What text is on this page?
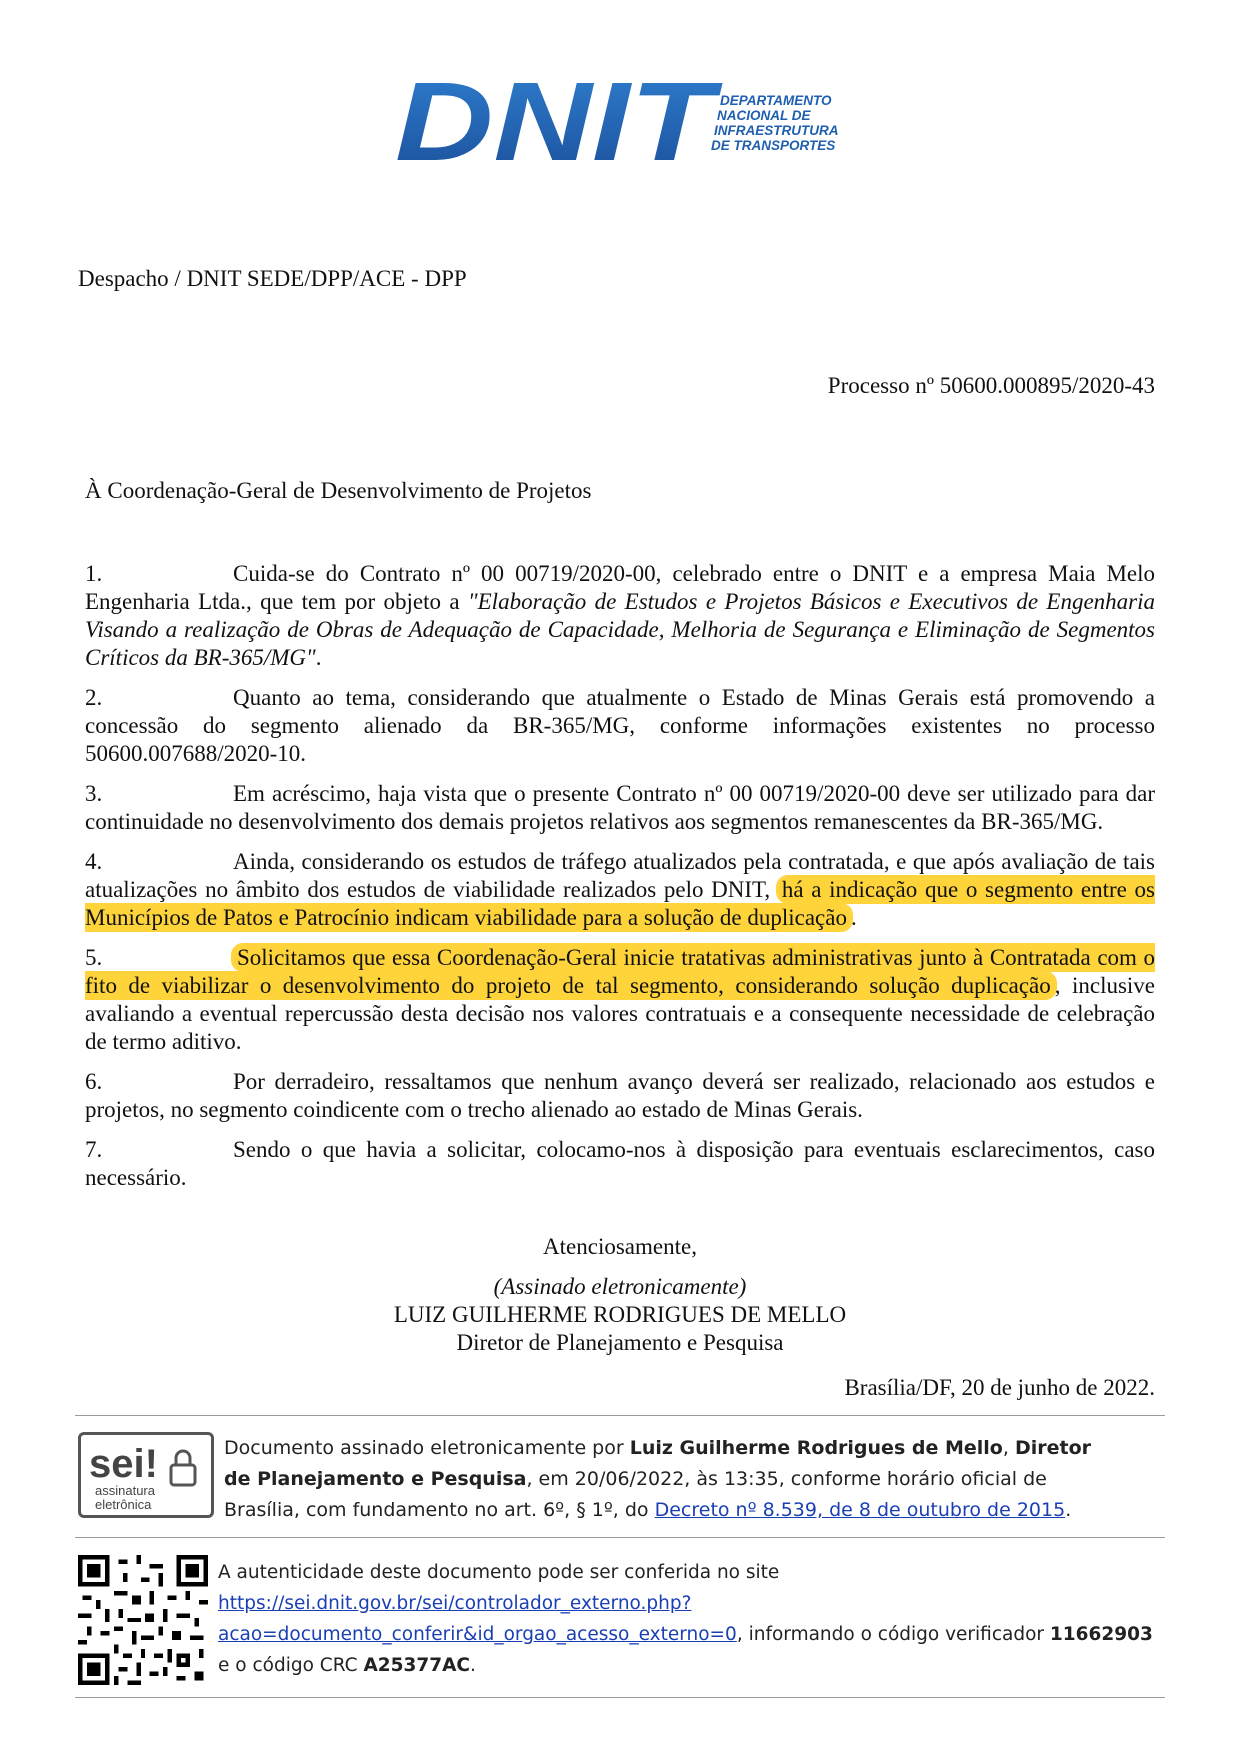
DNIT
DEPARTAMENTO
NACIONAL DE
INFRAESTRUTURA
DE TRANSPORTES
Despacho / DNIT SEDE/DPP/ACE - DPP
Processo nº 50600.000895/2020-43
À Coordenação-Geral de Desenvolvimento de Projetos

1.	Cuida-se do Contrato nº 00 00719/2020-00, celebrado entre o DNIT e a empresa Maia Melo Engenharia Ltda., que tem por objeto a "Elaboração de Estudos e Projetos Básicos e Executivos de Engenharia Visando a realização de Obras de Adequação de Capacidade, Melhoria de Segurança e Eliminação de Segmentos Críticos da BR-365/MG".

2.	Quanto ao tema, considerando que atualmente o Estado de Minas Gerais está promovendo a concessão do segmento alienado da BR-365/MG, conforme informações existentes no processo 50600.007688/2020-10.

3.	Em acréscimo, haja vista que o presente Contrato nº 00 00719/2020-00 deve ser utilizado para dar continuidade no desenvolvimento dos demais projetos relativos aos segmentos remanescentes da BR-365/MG.

4.	Ainda, considerando os estudos de tráfego atualizados pela contratada, e que após avaliação de tais atualizações no âmbito dos estudos de viabilidade realizados pelo DNIT, há a indicação que o segmento entre os Municípios de Patos e Patrocínio indicam viabilidade para a solução de duplicação .

5.	Solicitamos que essa Coordenação-Geral inicie tratativas administrativas junto à Contratada com o fito de viabilizar o desenvolvimento do projeto de tal segmento, considerando solução duplicação , inclusive avaliando a eventual repercussão desta decisão nos valores contratuais e a consequente necessidade de celebração de termo aditivo.

6.	Por derradeiro, ressaltamos que nenhum avanço deverá ser realizado, relacionado aos estudos e projetos, no segmento coindicente com o trecho alienado ao estado de Minas Gerais.

7.	Sendo o que havia a solicitar, colocamo-nos à disposição para eventuais esclarecimentos, caso necessário.

Atenciosamente,
(Assinado eletronicamente)
LUIZ GUILHERME RODRIGUES DE MELLO
Diretor de Planejamento e Pesquisa
Brasília/DF, 20 de junho de 2022.
sei!
assinatura
eletrônica
Documento assinado eletronicamente por Luiz Guilherme Rodrigues de Mello, Diretor de Planejamento e Pesquisa, em 20/06/2022, às 13:35, conforme horário oficial de Brasília, com fundamento no art. 6º, § 1º, do Decreto nº 8.539, de 8 de outubro de 2015.
A autenticidade deste documento pode ser conferida no site
https://sei.dnit.gov.br/sei/controlador_externo.php?
acao=documento_conferir&id_orgao_acesso_externo=0, informando o código verificador 11662903
e o código CRC A25377AC.
